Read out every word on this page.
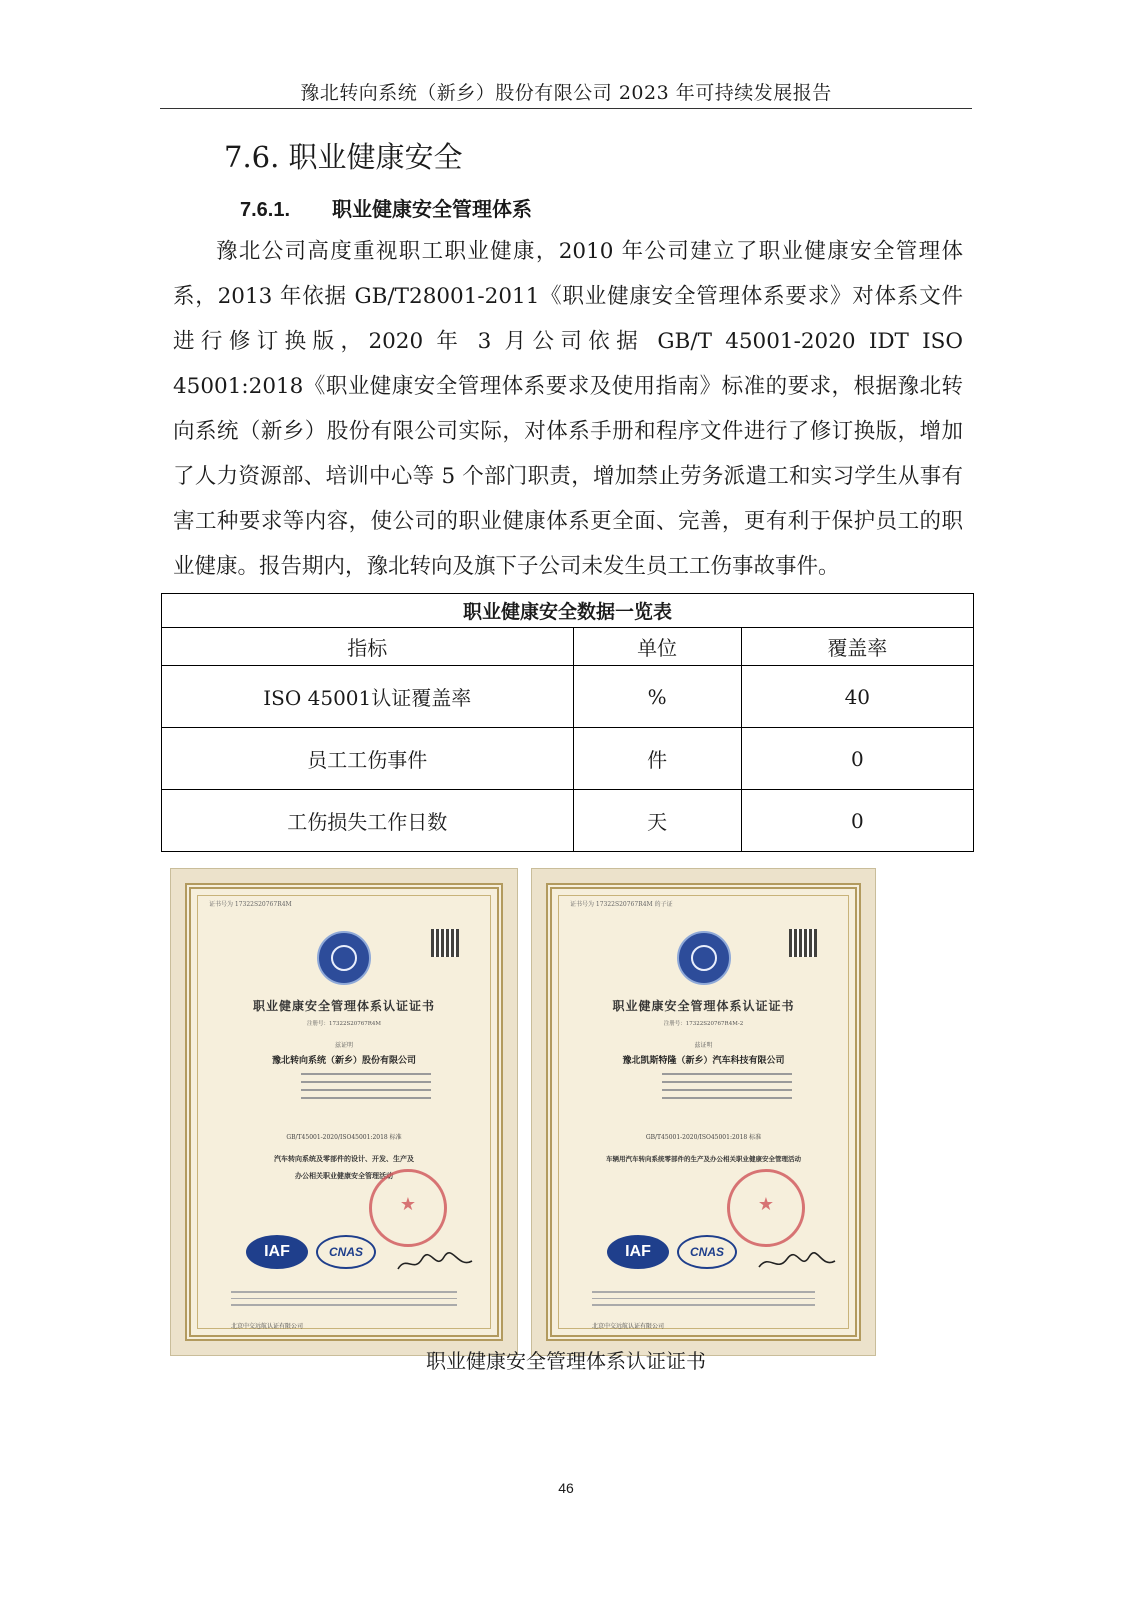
豫北转向系统（新乡）股份有限公司 2023 年可持续发展报告
7.6. 职业健康安全
7.6.1. 职业健康安全管理体系
豫北公司高度重视职工职业健康，2010 年公司建立了职业健康安全管理体系，2013 年依据 GB/T28001-2011《职业健康安全管理体系要求》对体系文件进行修订换版，2020 年 3 月公司依据 GB/T 45001-2020 IDT ISO 45001:2018《职业健康安全管理体系要求及使用指南》标准的要求，根据豫北转向系统（新乡）股份有限公司实际，对体系手册和程序文件进行了修订换版，增加了人力资源部、培训中心等 5 个部门职责，增加禁止劳务派遣工和实习学生从事有害工种要求等内容，使公司的职业健康体系更全面、完善，更有利于保护员工的职业健康。报告期内，豫北转向及旗下子公司未发生员工工伤事故事件。
职业健康安全数据一览表		
指标	单位	覆盖率
ISO 45001认证覆盖率	%	40
员工工伤事件	件	0
工伤损失工作日数	天	0
证书号为 17322S20767R4M
职业健康安全管理体系认证证书
注册号：17322S20767R4M
兹证明
豫北转向系统（新乡）股份有限公司
GB/T45001-2020/ISO45001:2018 标准
汽车转向系统及零部件的设计、开发、生产及
办公相关职业健康安全管理活动
★
IAF	CNAS
北京中交远航认证有限公司
证书号为 17322S20767R4M 的子证
职业健康安全管理体系认证证书
注册号：17322S20767R4M-2
兹证明
豫北凯斯特隆（新乡）汽车科技有限公司
GB/T45001-2020/ISO45001:2018 标准
车辆用汽车转向系统零部件的生产及办公相关职业健康安全管理活动
★
IAF	CNAS
北京中交远航认证有限公司
职业健康安全管理体系认证证书
46
